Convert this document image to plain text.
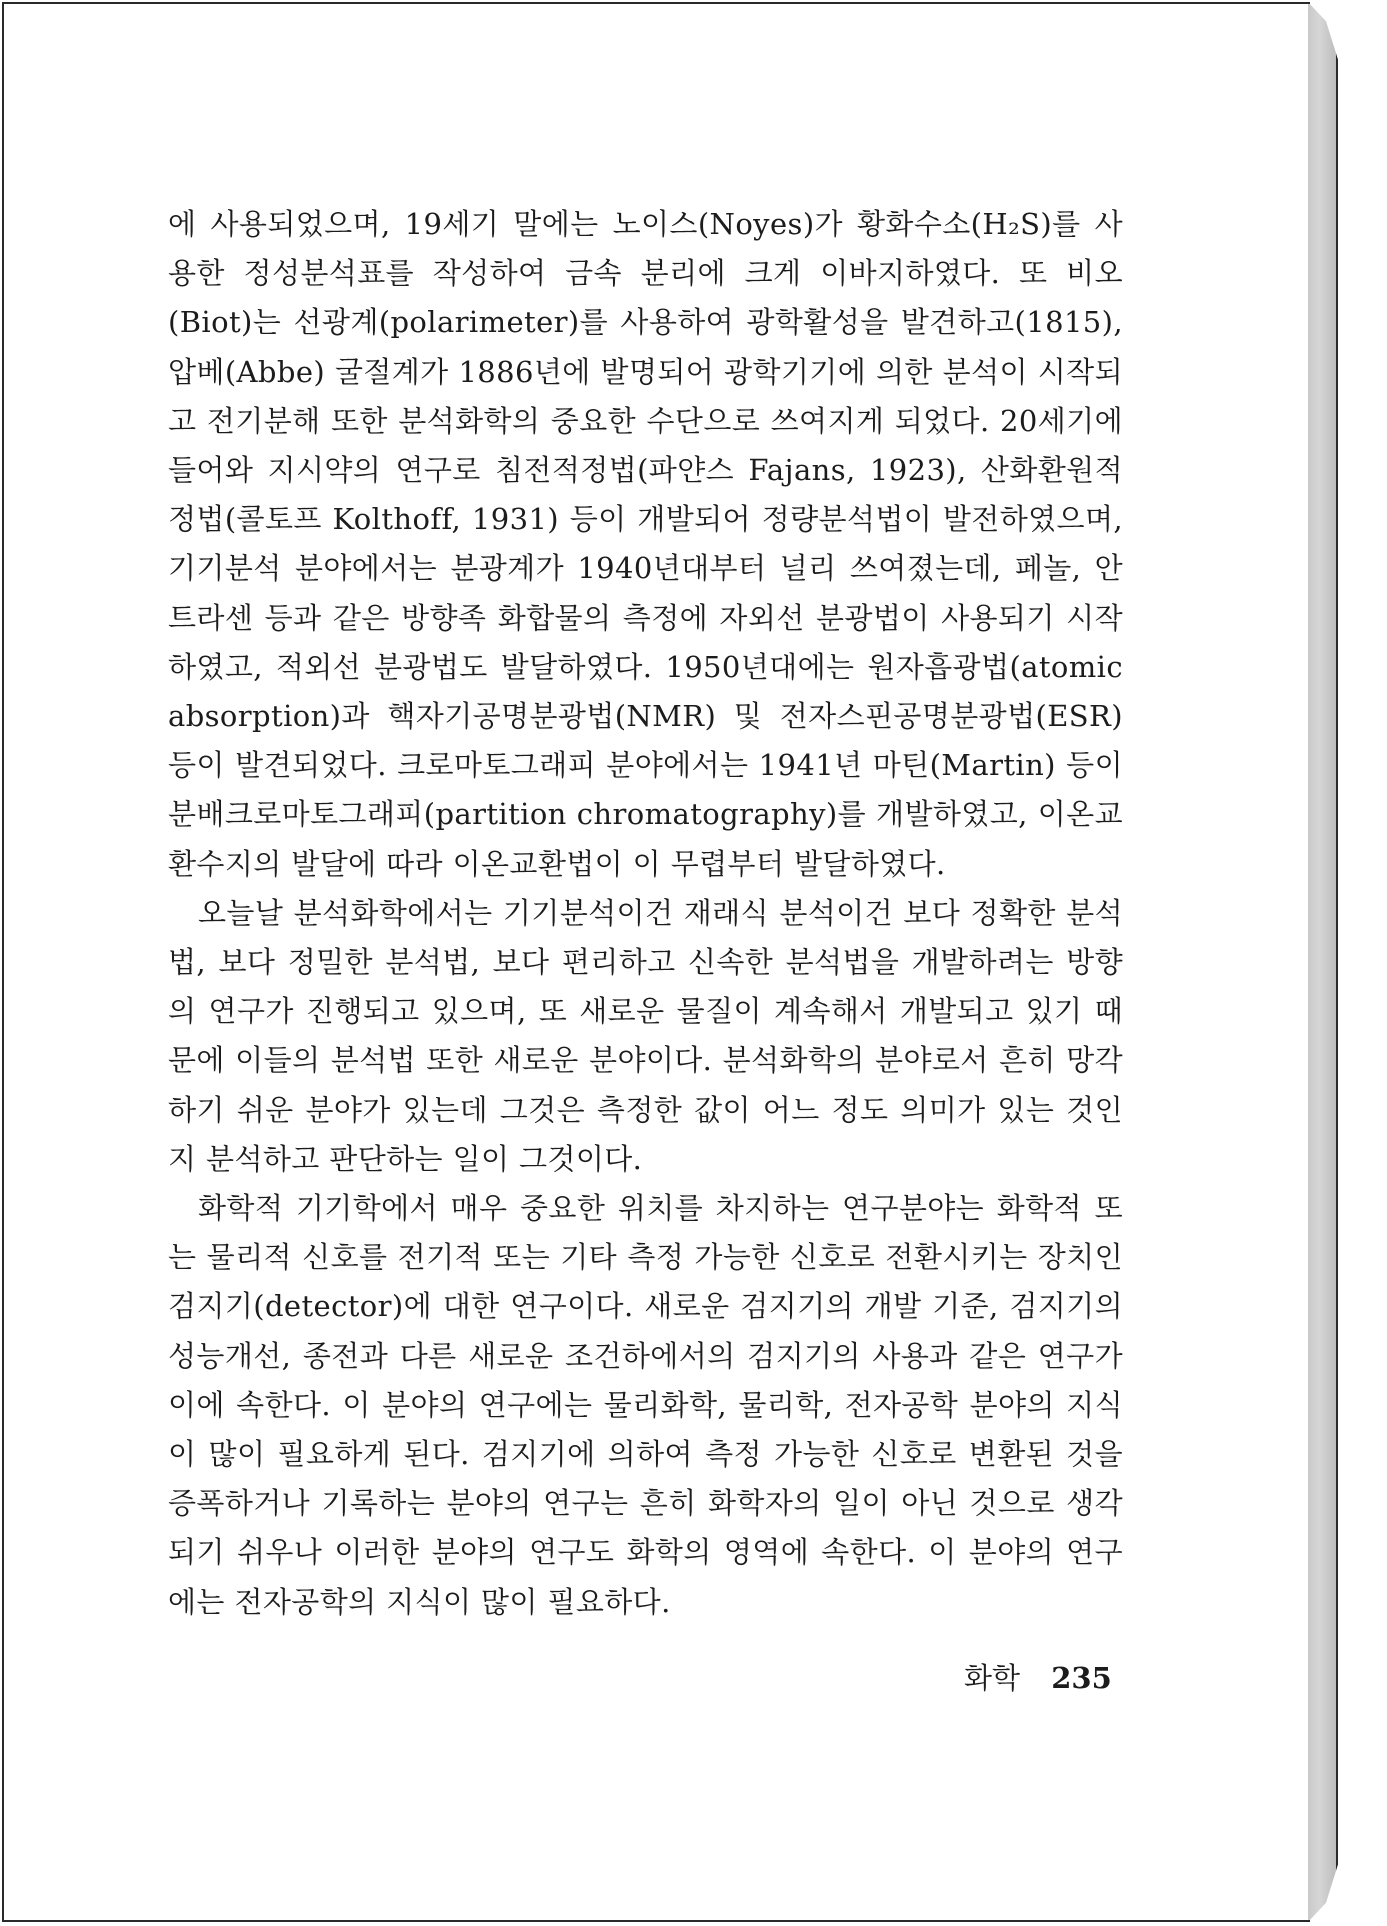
에 사용되었으며, 19세기 말에는 노이스(Noyes)가 황화수소(H₂S)를 사용한 정성분석표를 작성하여 금속 분리에 크게 이바지하였다. 또 비오(Biot)는 선광계(polarimeter)를 사용하여 광학활성을 발견하고(1815), 압베(Abbe) 굴절계가 1886년에 발명되어 광학기기에 의한 분석이 시작되고 전기분해 또한 분석화학의 중요한 수단으로 쓰여지게 되었다. 20세기에 들어와 지시약의 연구로 침전적정법(파얀스 Fajans, 1923), 산화환원적정법(콜토프 Kolthoff, 1931) 등이 개발되어 정량분석법이 발전하였으며, 기기분석 분야에서는 분광계가 1940년대부터 널리 쓰여졌는데, 페놀, 안트라센 등과 같은 방향족 화합물의 측정에 자외선 분광법이 사용되기 시작하였고, 적외선 분광법도 발달하였다. 1950년대에는 원자흡광법(atomic absorption)과 핵자기공명분광법(NMR) 및 전자스핀공명분광법(ESR) 등이 발견되었다. 크로마토그래피 분야에서는 1941년 마틴(Martin) 등이 분배크로마토그래피(partition chromatography)를 개발하였고, 이온교환수지의 발달에 따라 이온교환법이 이 무렵부터 발달하였다.

오늘날 분석화학에서는 기기분석이건 재래식 분석이건 보다 정확한 분석법, 보다 정밀한 분석법, 보다 편리하고 신속한 분석법을 개발하려는 방향의 연구가 진행되고 있으며, 또 새로운 물질이 계속해서 개발되고 있기 때문에 이들의 분석법 또한 새로운 분야이다. 분석화학의 분야로서 흔히 망각하기 쉬운 분야가 있는데 그것은 측정한 값이 어느 정도 의미가 있는 것인지 분석하고 판단하는 일이 그것이다.

화학적 기기학에서 매우 중요한 위치를 차지하는 연구분야는 화학적 또는 물리적 신호를 전기적 또는 기타 측정 가능한 신호로 전환시키는 장치인 검지기(detector)에 대한 연구이다. 새로운 검지기의 개발 기준, 검지기의 성능개선, 종전과 다른 새로운 조건하에서의 검지기의 사용과 같은 연구가 이에 속한다. 이 분야의 연구에는 물리화학, 물리학, 전자공학 분야의 지식이 많이 필요하게 된다. 검지기에 의하여 측정 가능한 신호로 변환된 것을 증폭하거나 기록하는 분야의 연구는 흔히 화학자의 일이 아닌 것으로 생각되기 쉬우나 이러한 분야의 연구도 화학의 영역에 속한다. 이 분야의 연구에는 전자공학의 지식이 많이 필요하다.

화학 235
